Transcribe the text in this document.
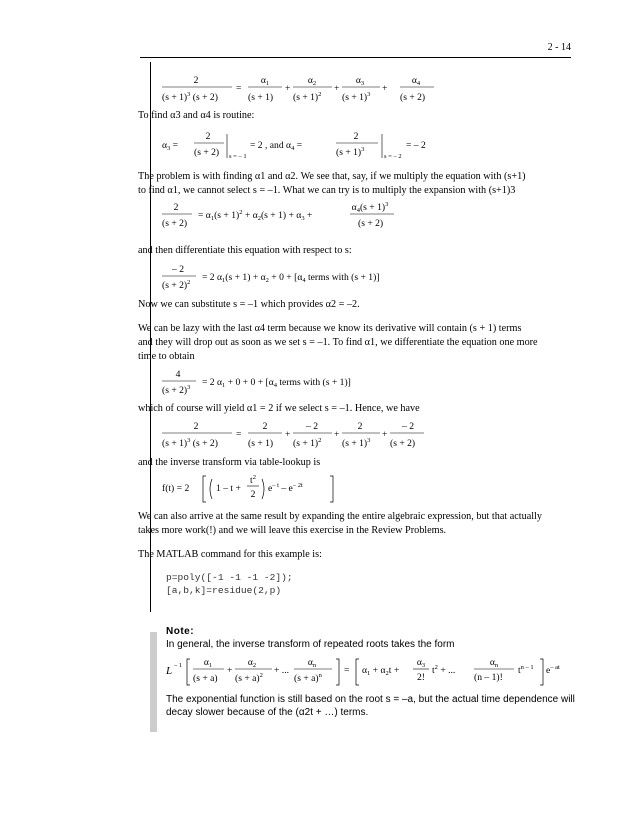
2 - 14
2
$(s + 1)^3$ (s + 2)
=
$\alpha_1$
(s + 1)
+
$\alpha_2$
$(s + 1)^2$
+
$\alpha_3$
$(s + 1)^3$
+
$\alpha_4$
(s + 2)
To find α3 and α4 is routine:
$\alpha_3$ =
2
(s + 2) s = – 1
= 2 , and $\alpha_4$ =
2
$(s + 1)^3$
s = – 2
= – 2
The problem is with finding α1 and α2. We see that, say, if we multiply the equation with (s+1)
to find α1, we cannot select s = –1. What we can try is to multiply the expansion with (s+1)3
2
(s + 2)
= $\alpha_1(s + 1)^2 + \alpha_2(s + 1) + \alpha_3$ +
$\alpha_4(s + 1)^3$
(s + 2)
and then differentiate this equation with respect to s:
– 2
$(s + 2)^2 = 2$ $\alpha_1(s + 1) + \alpha_2 + 0 + [\alpha_4$ terms with (s + 1)]
Now we can substitute s = –1 which provides α2 = –2.
We can be lazy with the last α4 term because we know its derivative will contain (s + 1) terms
and they will drop out as soon as we set s = –1. To find α1, we differentiate the equation one more
time to obtain
4
$(s + 2)^3 = 2$ $\alpha_1 + 0 + 0 + [\alpha_4$ terms with (s + 1)]
which of course will yield α1 = 2 if we select s = –1. Hence, we have
2
$(s + 1)^3$ (s + 2)
=
2
(s + 1)
+
– 2
$(s + 1)^2$
+
2
$(s + 1)^3$
+
– 2
(s + 2)
and the inverse transform via table-lookup is
f(t) = 2	1 – t +
$t^2$
2
$e^{- t} - e^{- 2t}$
We can also arrive at the same result by expanding the entire algebraic expression, but that actually
takes more work(!) and we will leave this exercise in the Review Problems.
The MATLAB command for this example is:
p=poly([-1 -1 -1 -2]);
[a,b,k]=residue(2,p)
Note:
In general, the inverse transform of repeated roots takes the form
L – 1 $\alpha_1$
(s + a)
+
$\alpha_2$
$(s + a)^2$ + ...
$\alpha_n$
$(s + a)^n = \alpha_1 + \alpha_2t$ +
$\alpha_3$
2!
$t^2$ + ...
$\alpha_n$
(n – 1)!
$t^{n - 1}$ $e^{- at}$
The exponential function is still based on the root s = –a, but the actual time dependence will
decay slower because of the (α2t + …) terms.
